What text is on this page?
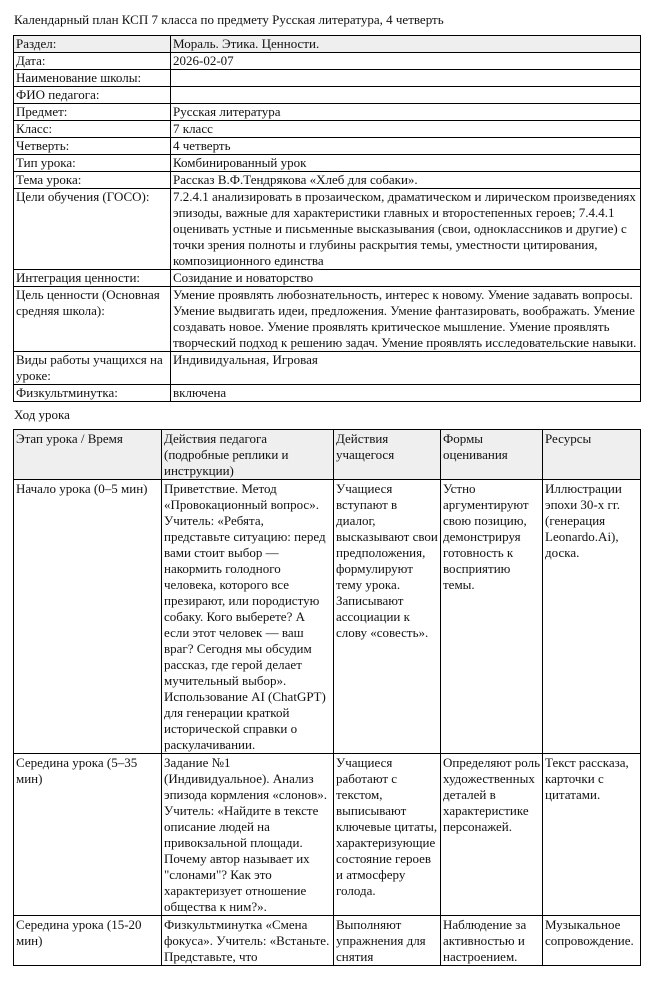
Календарный план КСП 7 класса по предмету Русская литература, 4 четверть
Раздел:	Мораль. Этика. Ценности.
Дата:	2026-02-07
Наименование школы:	
ФИО педагога:	
Предмет:	Русская литература
Класс:	7 класс
Четверть:	4 четверть
Тип урока:	Комбинированный урок
Тема урока:	Рассказ В.Ф.Тендрякова «Хлеб для собаки».
Цели обучения (ГОСО):	7.2.4.1 анализировать в прозаическом, драматическом и лирическом произведениях эпизоды, важные для характеристики главных и второстепенных героев; 7.4.4.1 оценивать устные и письменные высказывания (свои, одноклассников и другие) с точки зрения полноты и глубины раскрытия темы, уместности цитирования, композиционного единства
Интеграция ценности:	Созидание и новаторство
Цель ценности (Основная средняя школа):	Умение проявлять любознательность, интерес к новому. Умение задавать вопросы. Умение выдвигать идеи, предложения. Умение фантазировать, воображать. Умение создавать новое. Умение проявлять критическое мышление. Умение проявлять творческий подход к решению задач. Умение проявлять исследовательские навыки.
Виды работы учащихся на уроке:	Индивидуальная, Игровая
Физкультминутка:	включена
Ход урока
Этап урока / Время	Действия педагога (подробные реплики и инструкции)	Действия учащегося	Формы оценивания	Ресурсы
Начало урока (0–5 мин)	Приветствие. Метод «Провокационный вопрос». Учитель: «Ребята, представьте ситуацию: перед вами стоит выбор — накормить голодного человека, которого все презирают, или породистую собаку. Кого выберете? А если этот человек — ваш враг? Сегодня мы обсудим рассказ, где герой делает мучительный выбор». Использование AI (ChatGPT) для генерации краткой исторической справки о раскулачивании.	Учащиеся вступают в диалог, высказывают свои предположения, формулируют тему урока. Записывают ассоциации к слову «совесть».	Устно аргументируют свою позицию, демонстрируя готовность к восприятию темы.	Иллюстрации эпохи 30-х гг. (генерация Leonardo.Ai), доска.
Середина урока (5–35 мин)	Задание №1 (Индивидуальное). Анализ эпизода кормления «слонов». Учитель: «Найдите в тексте описание людей на привокзальной площади. Почему автор называет их "слонами"? Как это характеризует отношение общества к ним?».	Учащиеся работают с текстом, выписывают ключевые цитаты, характеризующие состояние героев и атмосферу голода.	Определяют роль художественных деталей в характеристике персонажей.	Текст рассказа, карточки с цитатами.
Середина урока (15-20 мин)	Физкультминутка «Смена фокуса». Учитель: «Встаньте. Представьте, что	Выполняют упражнения для снятия	Наблюдение за активностью и настроением.	Музыкальное сопровождение.
